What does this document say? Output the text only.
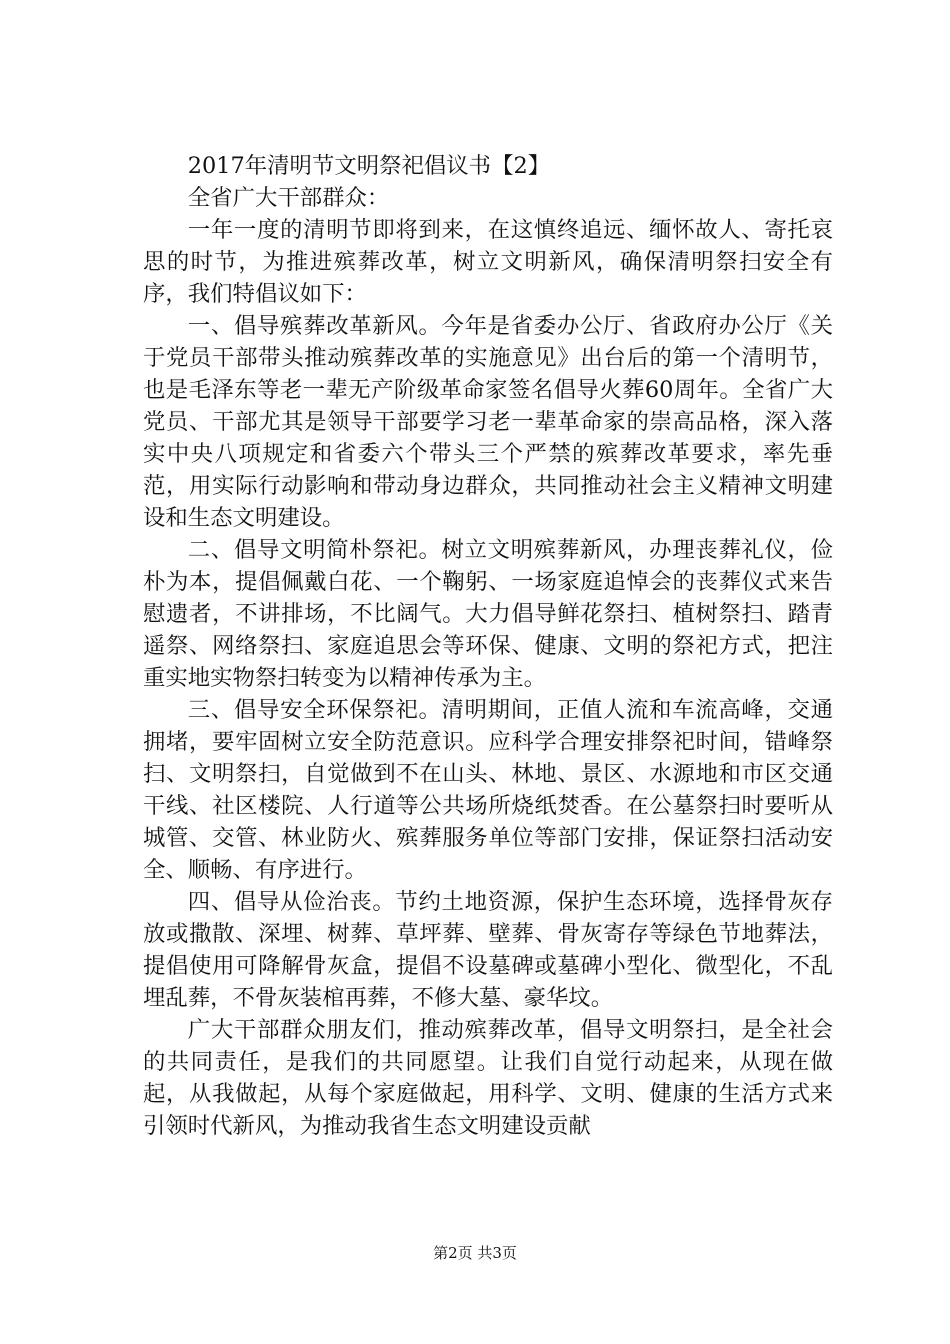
2017年清明节文明祭祀倡议书【2】

全省广大干部群众：

一年一度的清明节即将到来，在这慎终追远、缅怀故人、寄托哀思的时节，为推进殡葬改革，树立文明新风，确保清明祭扫安全有序，我们特倡议如下：

一、倡导殡葬改革新风。今年是省委办公厅、省政府办公厅《关于党员干部带头推动殡葬改革的实施意见》出台后的第一个清明节，也是毛泽东等老一辈无产阶级革命家签名倡导火葬60周年。全省广大党员、干部尤其是领导干部要学习老一辈革命家的崇高品格，深入落实中央八项规定和省委六个带头三个严禁的殡葬改革要求，率先垂范，用实际行动影响和带动身边群众，共同推动社会主义精神文明建设和生态文明建设。

二、倡导文明简朴祭祀。树立文明殡葬新风，办理丧葬礼仪，俭朴为本，提倡佩戴白花、一个鞠躬、一场家庭追悼会的丧葬仪式来告慰遗者，不讲排场，不比阔气。大力倡导鲜花祭扫、植树祭扫、踏青遥祭、网络祭扫、家庭追思会等环保、健康、文明的祭祀方式，把注重实地实物祭扫转变为以精神传承为主。

三、倡导安全环保祭祀。清明期间，正值人流和车流高峰，交通拥堵，要牢固树立安全防范意识。应科学合理安排祭祀时间，错峰祭扫、文明祭扫，自觉做到不在山头、林地、景区、水源地和市区交通干线、社区楼院、人行道等公共场所烧纸焚香。在公墓祭扫时要听从城管、交管、林业防火、殡葬服务单位等部门安排，保证祭扫活动安全、顺畅、有序进行。

四、倡导从俭治丧。节约土地资源，保护生态环境，选择骨灰存放或撒散、深埋、树葬、草坪葬、壁葬、骨灰寄存等绿色节地葬法，提倡使用可降解骨灰盒，提倡不设墓碑或墓碑小型化、微型化，不乱埋乱葬，不骨灰装棺再葬，不修大墓、豪华坟。

广大干部群众朋友们，推动殡葬改革，倡导文明祭扫，是全社会的共同责任，是我们的共同愿望。让我们自觉行动起来，从现在做起，从我做起，从每个家庭做起，用科学、文明、健康的生活方式来引领时代新风，为推动我省生态文明建设贡献

第2页 共3页
